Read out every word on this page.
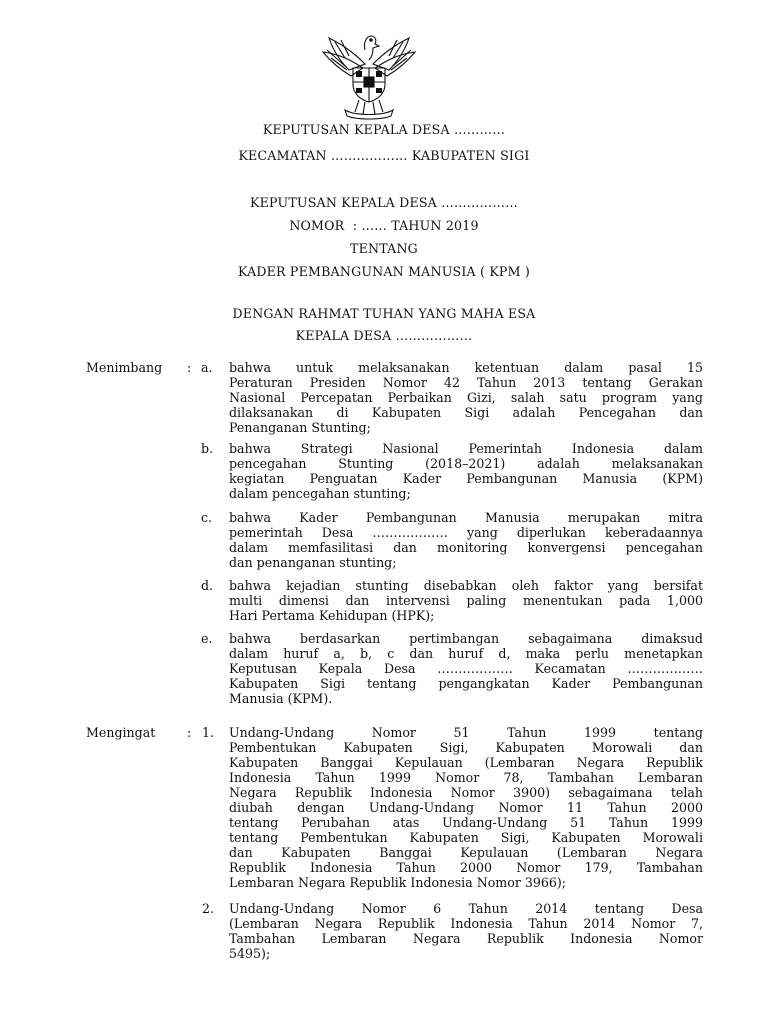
KEPUTUSAN KEPALA DESA …………
KECAMATAN ……………… KABUPATEN SIGI
KEPUTUSAN KEPALA DESA ………………
NOMOR  : …… TAHUN 2019
TENTANG
KADER PEMBANGUNAN MANUSIA ( KPM )
DENGAN RAHMAT TUHAN YANG MAHA ESA
KEPALA DESA ………………
Menimbang : a. bahwa untuk melaksanakan ketentuan dalam pasal 15
Peraturan Presiden Nomor 42 Tahun 2013 tentang Gerakan
Nasional Percepatan Perbaikan Gizi, salah satu program yang
dilaksanakan di Kabupaten Sigi adalah Pencegahan dan
Penanganan Stunting;
b. bahwa Strategi Nasional Pemerintah Indonesia dalam
pencegahan Stunting (2018–2021) adalah melaksanakan
kegiatan Penguatan Kader Pembangunan Manusia (KPM)
dalam pencegahan stunting;
c. bahwa Kader Pembangunan Manusia merupakan mitra
pemerintah Desa ……………… yang diperlukan keberadaannya
dalam memfasilitasi dan monitoring konvergensi pencegahan
dan penanganan stunting;
d. bahwa kejadian stunting disebabkan oleh faktor yang bersifat
multi dimensi dan intervensi paling menentukan pada 1,000
Hari Pertama Kehidupan (HPK);
e. bahwa berdasarkan pertimbangan sebagaimana dimaksud
dalam huruf a, b, c dan huruf d, maka perlu menetapkan
Keputusan Kepala Desa ……………… Kecamatan ………………
Kabupaten Sigi tentang pengangkatan Kader Pembangunan
Manusia (KPM).
Mengingat	: 1. Undang-Undang Nomor 51 Tahun 1999 tentang
Pembentukan Kabupaten Sigi, Kabupaten Morowali dan
Kabupaten Banggai Kepulauan (Lembaran Negara Republik
Indonesia Tahun 1999 Nomor 78, Tambahan Lembaran
Negara Republik Indonesia Nomor 3900) sebagaimana telah
diubah dengan Undang-Undang Nomor 11 Tahun 2000
tentang Perubahan atas Undang-Undang 51 Tahun 1999
tentang Pembentukan Kabupaten Sigi, Kabupaten Morowali
dan Kabupaten Banggai Kepulauan (Lembaran Negara
Republik Indonesia Tahun 2000 Nomor 179, Tambahan
Lembaran Negara Republik Indonesia Nomor 3966);
2. Undang-Undang Nomor 6 Tahun 2014 tentang Desa
(Lembaran Negara Republik Indonesia Tahun 2014 Nomor 7,
Tambahan Lembaran Negara Republik Indonesia Nomor
5495);
